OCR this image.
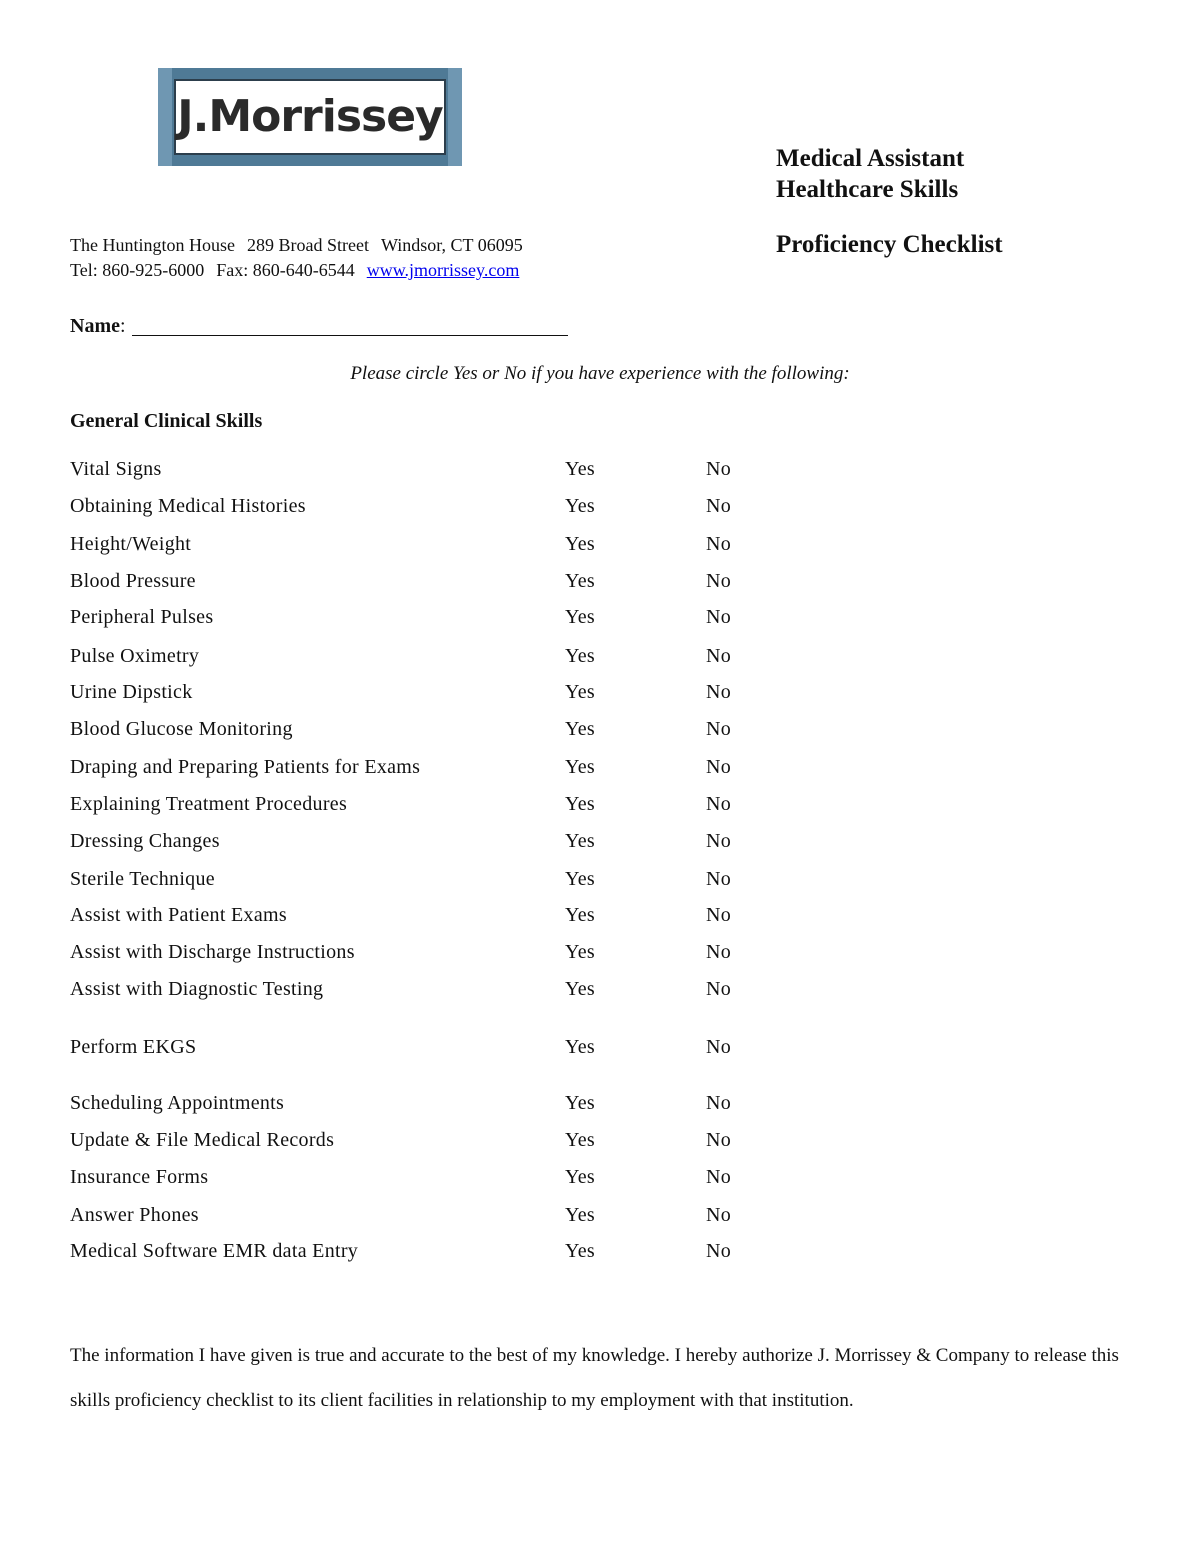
J.Morrissey
Medical Assistant
Healthcare Skills
Proficiency Checklist
The Huntington House 289 Broad Street Windsor, CT 06095
Tel: 860-925-6000 Fax: 860-640-6544 www.jmorrissey.com
Name:
Please circle Yes or No if you have experience with the following:
General Clinical Skills
Vital Signs	Yes	No
Obtaining Medical Histories	Yes	No
Height/Weight	Yes	No
Blood Pressure	Yes	No
Peripheral Pulses	Yes	No
Pulse Oximetry	Yes	No
Urine Dipstick	Yes	No
Blood Glucose Monitoring	Yes	No
Draping and Preparing Patients for Exams	Yes	No
Explaining Treatment Procedures	Yes	No
Dressing Changes	Yes	No
Sterile Technique	Yes	No
Assist with Patient Exams	Yes	No
Assist with Discharge Instructions	Yes	No
Assist with Diagnostic Testing	Yes	No
Perform EKGS	Yes	No
Scheduling Appointments	Yes	No
Update & File Medical Records	Yes	No
Insurance Forms	Yes	No
Answer Phones	Yes	No
Medical Software EMR data Entry	Yes	No
The information I have given is true and accurate to the best of my knowledge. I hereby authorize J. Morrissey & Company to release this skills proficiency checklist to its client facilities in relationship to my employment with that institution.
